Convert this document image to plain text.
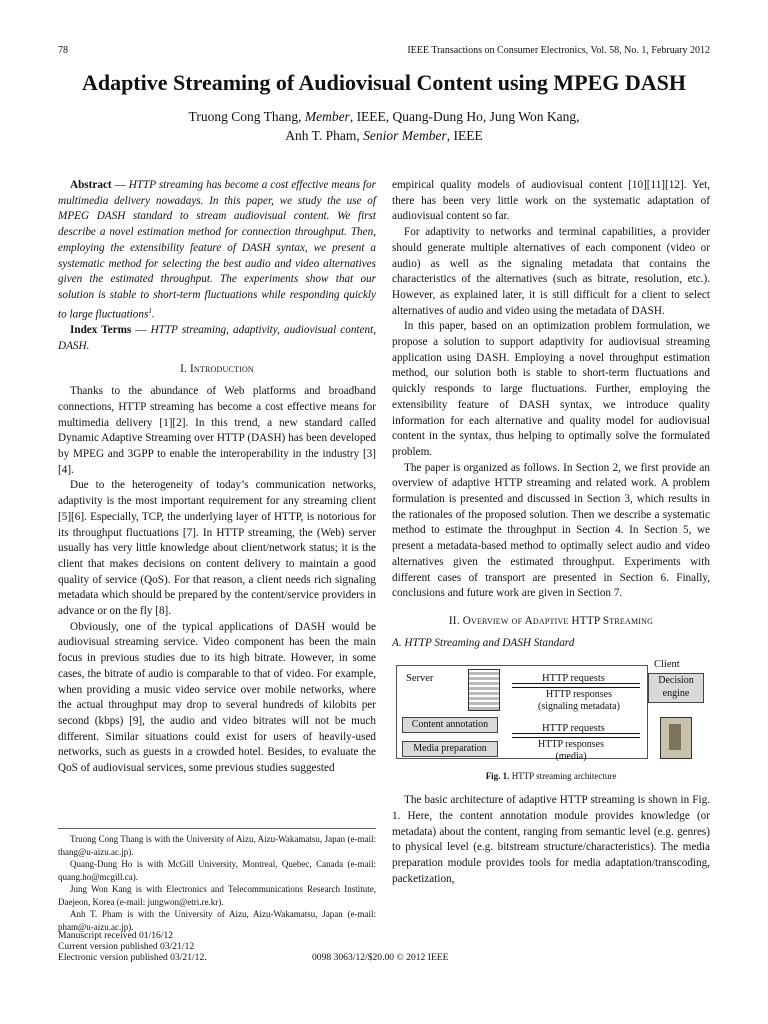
78	IEEE Transactions on Consumer Electronics, Vol. 58, No. 1, February 2012
Adaptive Streaming of Audiovisual Content using MPEG DASH
Truong Cong Thang, Member, IEEE, Quang-Dung Ho, Jung Won Kang,
Anh T. Pham, Senior Member, IEEE

Abstract — HTTP streaming has become a cost effective means for multimedia delivery nowadays. In this paper, we study the use of MPEG DASH standard to stream audiovisual content. We first describe a novel estimation method for connection throughput. Then, employing the extensibility feature of DASH syntax, we present a systematic method for selecting the best audio and video alternatives given the estimated throughput. The experiments show that our solution is stable to short-term fluctuations while responding quickly to large fluctuations$^1$.

Index Terms — HTTP streaming, adaptivity, audiovisual content, DASH.

I. Introduction

Thanks to the abundance of Web platforms and broadband connections, HTTP streaming has become a cost effective means for multimedia delivery [1][2]. In this trend, a new standard called Dynamic Adaptive Streaming over HTTP (DASH) has been developed by MPEG and 3GPP to enable the interoperability in the industry [3][4].

Due to the heterogeneity of today’s communication networks, adaptivity is the most important requirement for any streaming client [5][6]. Especially, TCP, the underlying layer of HTTP, is notorious for its throughput fluctuations [7]. In HTTP streaming, the (Web) server usually has very little knowledge about client/network status; it is the client that makes decisions on content delivery to maintain a good quality of service (QoS). For that reason, a client needs rich signaling metadata which should be prepared by the content/service providers in advance or on the fly [8].

Obviously, one of the typical applications of DASH would be audiovisual streaming service. Video component has been the main focus in previous studies due to its high bitrate. However, in some cases, the bitrate of audio is comparable to that of video. For example, when providing a music video service over mobile networks, where the actual throughput may drop to several hundreds of kilobits per second (kbps) [9], the audio and video bitrates will not be much different. Similar situations could exist for users of heavily-used networks, such as guests in a crowded hotel. Besides, to evaluate the QoS of audiovisual services, some previous studies suggested

empirical quality models of audiovisual content [10][11][12]. Yet, there has been very little work on the systematic adaptation of audiovisual content so far.

For adaptivity to networks and terminal capabilities, a provider should generate multiple alternatives of each component (video or audio) as well as the signaling metadata that contains the characteristics of the alternatives (such as bitrate, resolution, etc.). However, as explained later, it is still difficult for a client to select alternatives of audio and video using the metadata of DASH.

In this paper, based on an optimization problem formulation, we propose a solution to support adaptivity for audiovisual streaming application using DASH. Employing a novel throughput estimation method, our solution both is stable to short-term fluctuations and quickly responds to large fluctuations. Further, employing the extensibility feature of DASH syntax, we introduce quality information for each alternative and quality model for audiovisual content in the syntax, thus helping to optimally solve the formulated problem.

The paper is organized as follows. In Section 2, we first provide an overview of adaptive HTTP streaming and related work. A problem formulation is presented and discussed in Section 3, which results in the rationales of the proposed solution. Then we describe a systematic method to estimate the throughput in Section 4. In Section 5, we present a metadata-based method to optimally select audio and video alternatives given the estimated throughput. Experiments with different cases of transport are presented in Section 6. Finally, conclusions and future work are given in Section 7.

II. Overview of Adaptive HTTP Streaming
A. HTTP Streaming and DASH Standard
Server
Content annotation
Media preparation
HTTP requests
HTTP responses
(signaling metadata)
HTTP requests
HTTP responses
(media)
Client
Decision
engine
Fig. 1. HTTP streaming architecture

The basic architecture of adaptive HTTP streaming is shown in Fig. 1. Here, the content annotation module provides knowledge (or metadata) about the content, ranging from semantic level (e.g. genres) to physical level (e.g. bitstream structure/characteristics). The media preparation module provides tools for media adaptation/transcoding, packetization,

Truong Cong Thang is with the University of Aizu, Aizu-Wakamatsu, Japan (e-mail: thang@u-aizu.ac.jp).

Quang-Dung Ho is with McGill University, Montreal, Quebec, Canada (e-mail: quang.ho@mcgill.ca).

Jung Won Kang is with Electronics and Telecommunications Research Institute, Daejeon, Korea (e-mail: jungwon@etri.re.kr).

Anh T. Pham is with the University of Aizu, Aizu-Wakamatsu, Japan (e-mail: pham@u-aizu.ac.jp).

Manuscript received 01/16/12
Current version published 03/21/12
Electronic version published 03/21/12.	0098 3063/12/$20.00 © 2012 IEEE
